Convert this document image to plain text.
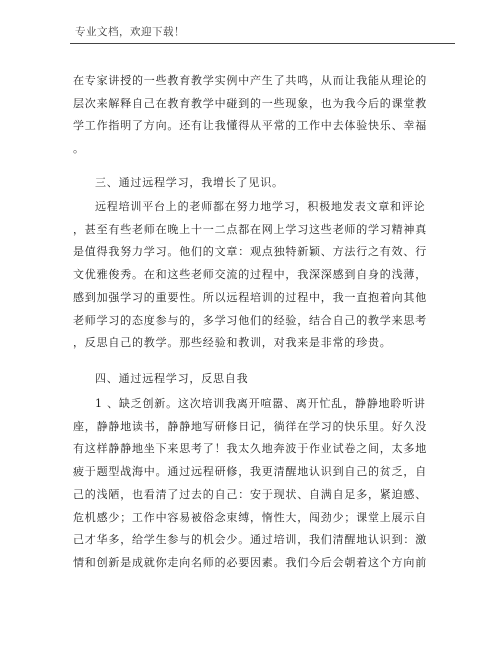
专业文档，欢迎下载！
在专家讲授的一些教育教学实例中产生了共鸣，从而让我能从理论的
层次来解释自己在教育教学中碰到的一些现象，也为我今后的课堂教
学工作指明了方向。还有让我懂得从平常的工作中去体验快乐、幸福
。
三、通过远程学习，我增长了见识。
远程培训平台上的老师都在努力地学习，积极地发表文章和评论
，甚至有些老师在晚上十一二点都在网上学习这些老师的学习精神真
是值得我努力学习。他们的文章：观点独特新颖、方法行之有效、行
文优雅俊秀。在和这些老师交流的过程中，我深深感到自身的浅薄，
感到加强学习的重要性。所以远程培训的过程中，我一直抱着向其他
老师学习的态度参与的，多学习他们的经验，结合自己的教学来思考
，反思自己的教学。那些经验和教训，对我来是非常的珍贵。
四、通过远程学习，反思自我
1 、缺乏创新。这次培训我离开喧嚣、离开忙乱，静静地聆听讲
座，静静地读书，静静地写研修日记，徜徉在学习的快乐里。好久没
有这样静静地坐下来思考了！我太久地奔波于作业试卷之间，太多地
疲于题型战海中。通过远程研修，我更清醒地认识到自己的贫乏，自
己的浅陋，也看清了过去的自己：安于现状、自满自足多，紧迫感、
危机感少；工作中容易被俗念束缚，惰性大，闯劲少；课堂上展示自
己才华多，给学生参与的机会少。通过培训，我们清醒地认识到：激
情和创新是成就你走向名师的必要因素。我们今后会朝着这个方向前
